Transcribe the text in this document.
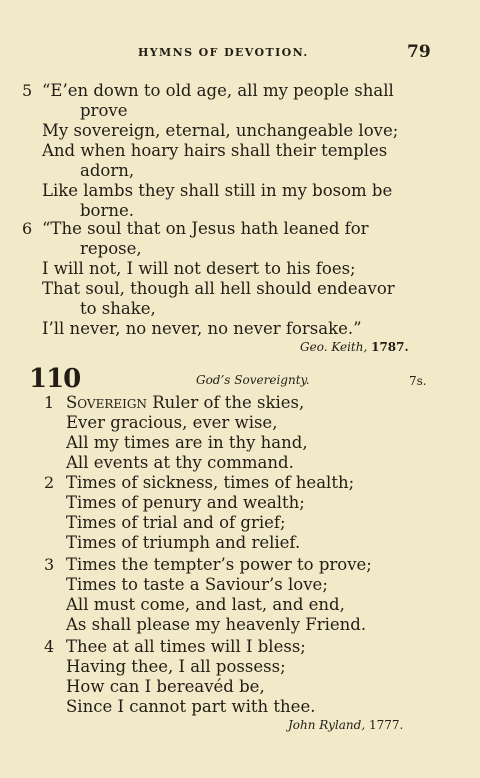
HYMNS OF DEVOTION.	79
5 “E’en down to old age, all my people shall
prove
My sovereign, eternal, unchangeable love;
And when hoary hairs shall their temples
adorn,
Like lambs they shall still in my bosom be
borne.
6 “The soul that on Jesus hath leaned for
repose,
I will not, I will not desert to his foes;
That soul, though all hell should endeavor
to shake,
I’ll never, no never, no never forsake.”
Geo. Keith, 1787.
110	God’s Sovereignty.	7s.
1 Sovereign Ruler of the skies,
Ever gracious, ever wise,
All my times are in thy hand,
All events at thy command.
2 Times of sickness, times of health;
Times of penury and wealth;
Times of trial and of grief;
Times of triumph and relief.
3 Times the tempter’s power to prove;
Times to taste a Saviour’s love;
All must come, and last, and end,
As shall please my heavenly Friend.
4 Thee at all times will I bless;
Having thee, I all possess;
How can I bereavéd be,
Since I cannot part with thee.
John Ryland, 1777.
